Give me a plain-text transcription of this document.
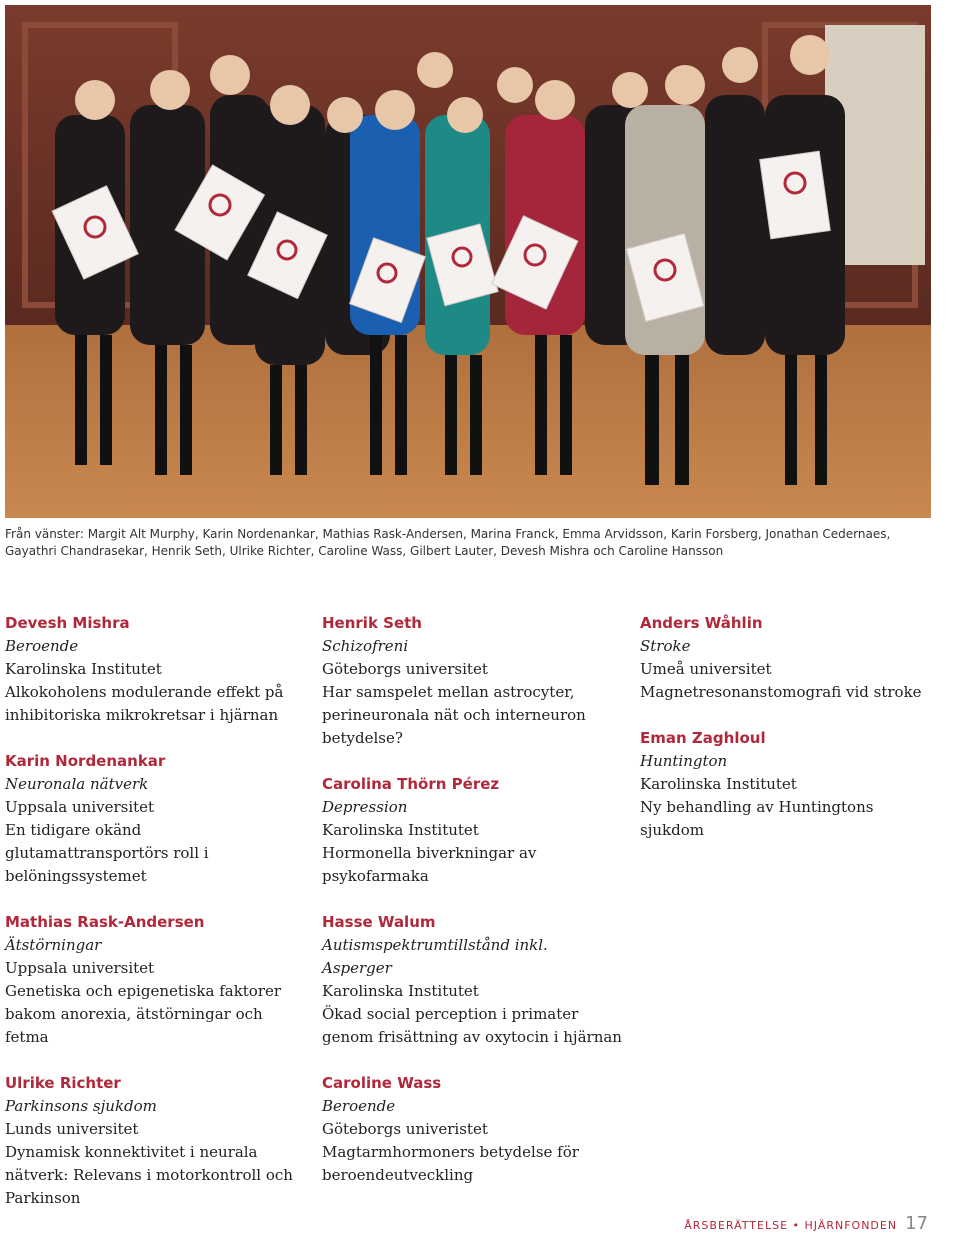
Från vänster: Margit Alt Murphy, Karin Nordenankar, Mathias Rask-Andersen, Marina Franck, Emma Arvidsson, Karin Forsberg, Jonathan Cedernaes, Gayathri Chandrasekar, Henrik Seth, Ulrike Richter, Caroline Wass, Gilbert Lauter, Devesh Mishra och Caroline Hansson
Devesh Mishra
Beroende
Karolinska Institutet
Alkokoholens modulerande effekt på inhibitoriska mikrokretsar i hjärnan
Karin Nordenankar
Neuronala nätverk
Uppsala universitet
En tidigare okänd glutamattransportörs roll i belöningssystemet
Mathias Rask-Andersen
Ätstörningar
Uppsala universitet
Genetiska och epigenetiska faktorer bakom anorexia, ätstörningar och fetma
Ulrike Richter
Parkinsons sjukdom
Lunds universitet
Dynamisk konnektivitet i neurala nätverk: Relevans i motorkontroll och Parkinson
Henrik Seth
Schizofreni
Göteborgs universitet
Har samspelet mellan astrocyter, perineuronala nät och interneuron betydelse?
Carolina Thörn Pérez
Depression
Karolinska Institutet
Hormonella biverkningar av psykofarmaka
Hasse Walum
Autismspektrumtillstånd inkl. Asperger
Karolinska Institutet
Ökad social perception i primater genom frisättning av oxytocin i hjärnan
Caroline Wass
Beroende
Göteborgs univeristet
Magtarmhormoners betydelse för beroendeutveckling
Anders Wåhlin
Stroke
Umeå universitet
Magnetresonanstomografi vid stroke
Eman Zaghloul
Huntington
Karolinska Institutet
Ny behandling av Huntingtons sjukdom
ÅRSBERÄTTELSE • HJÄRNFONDEN 17
